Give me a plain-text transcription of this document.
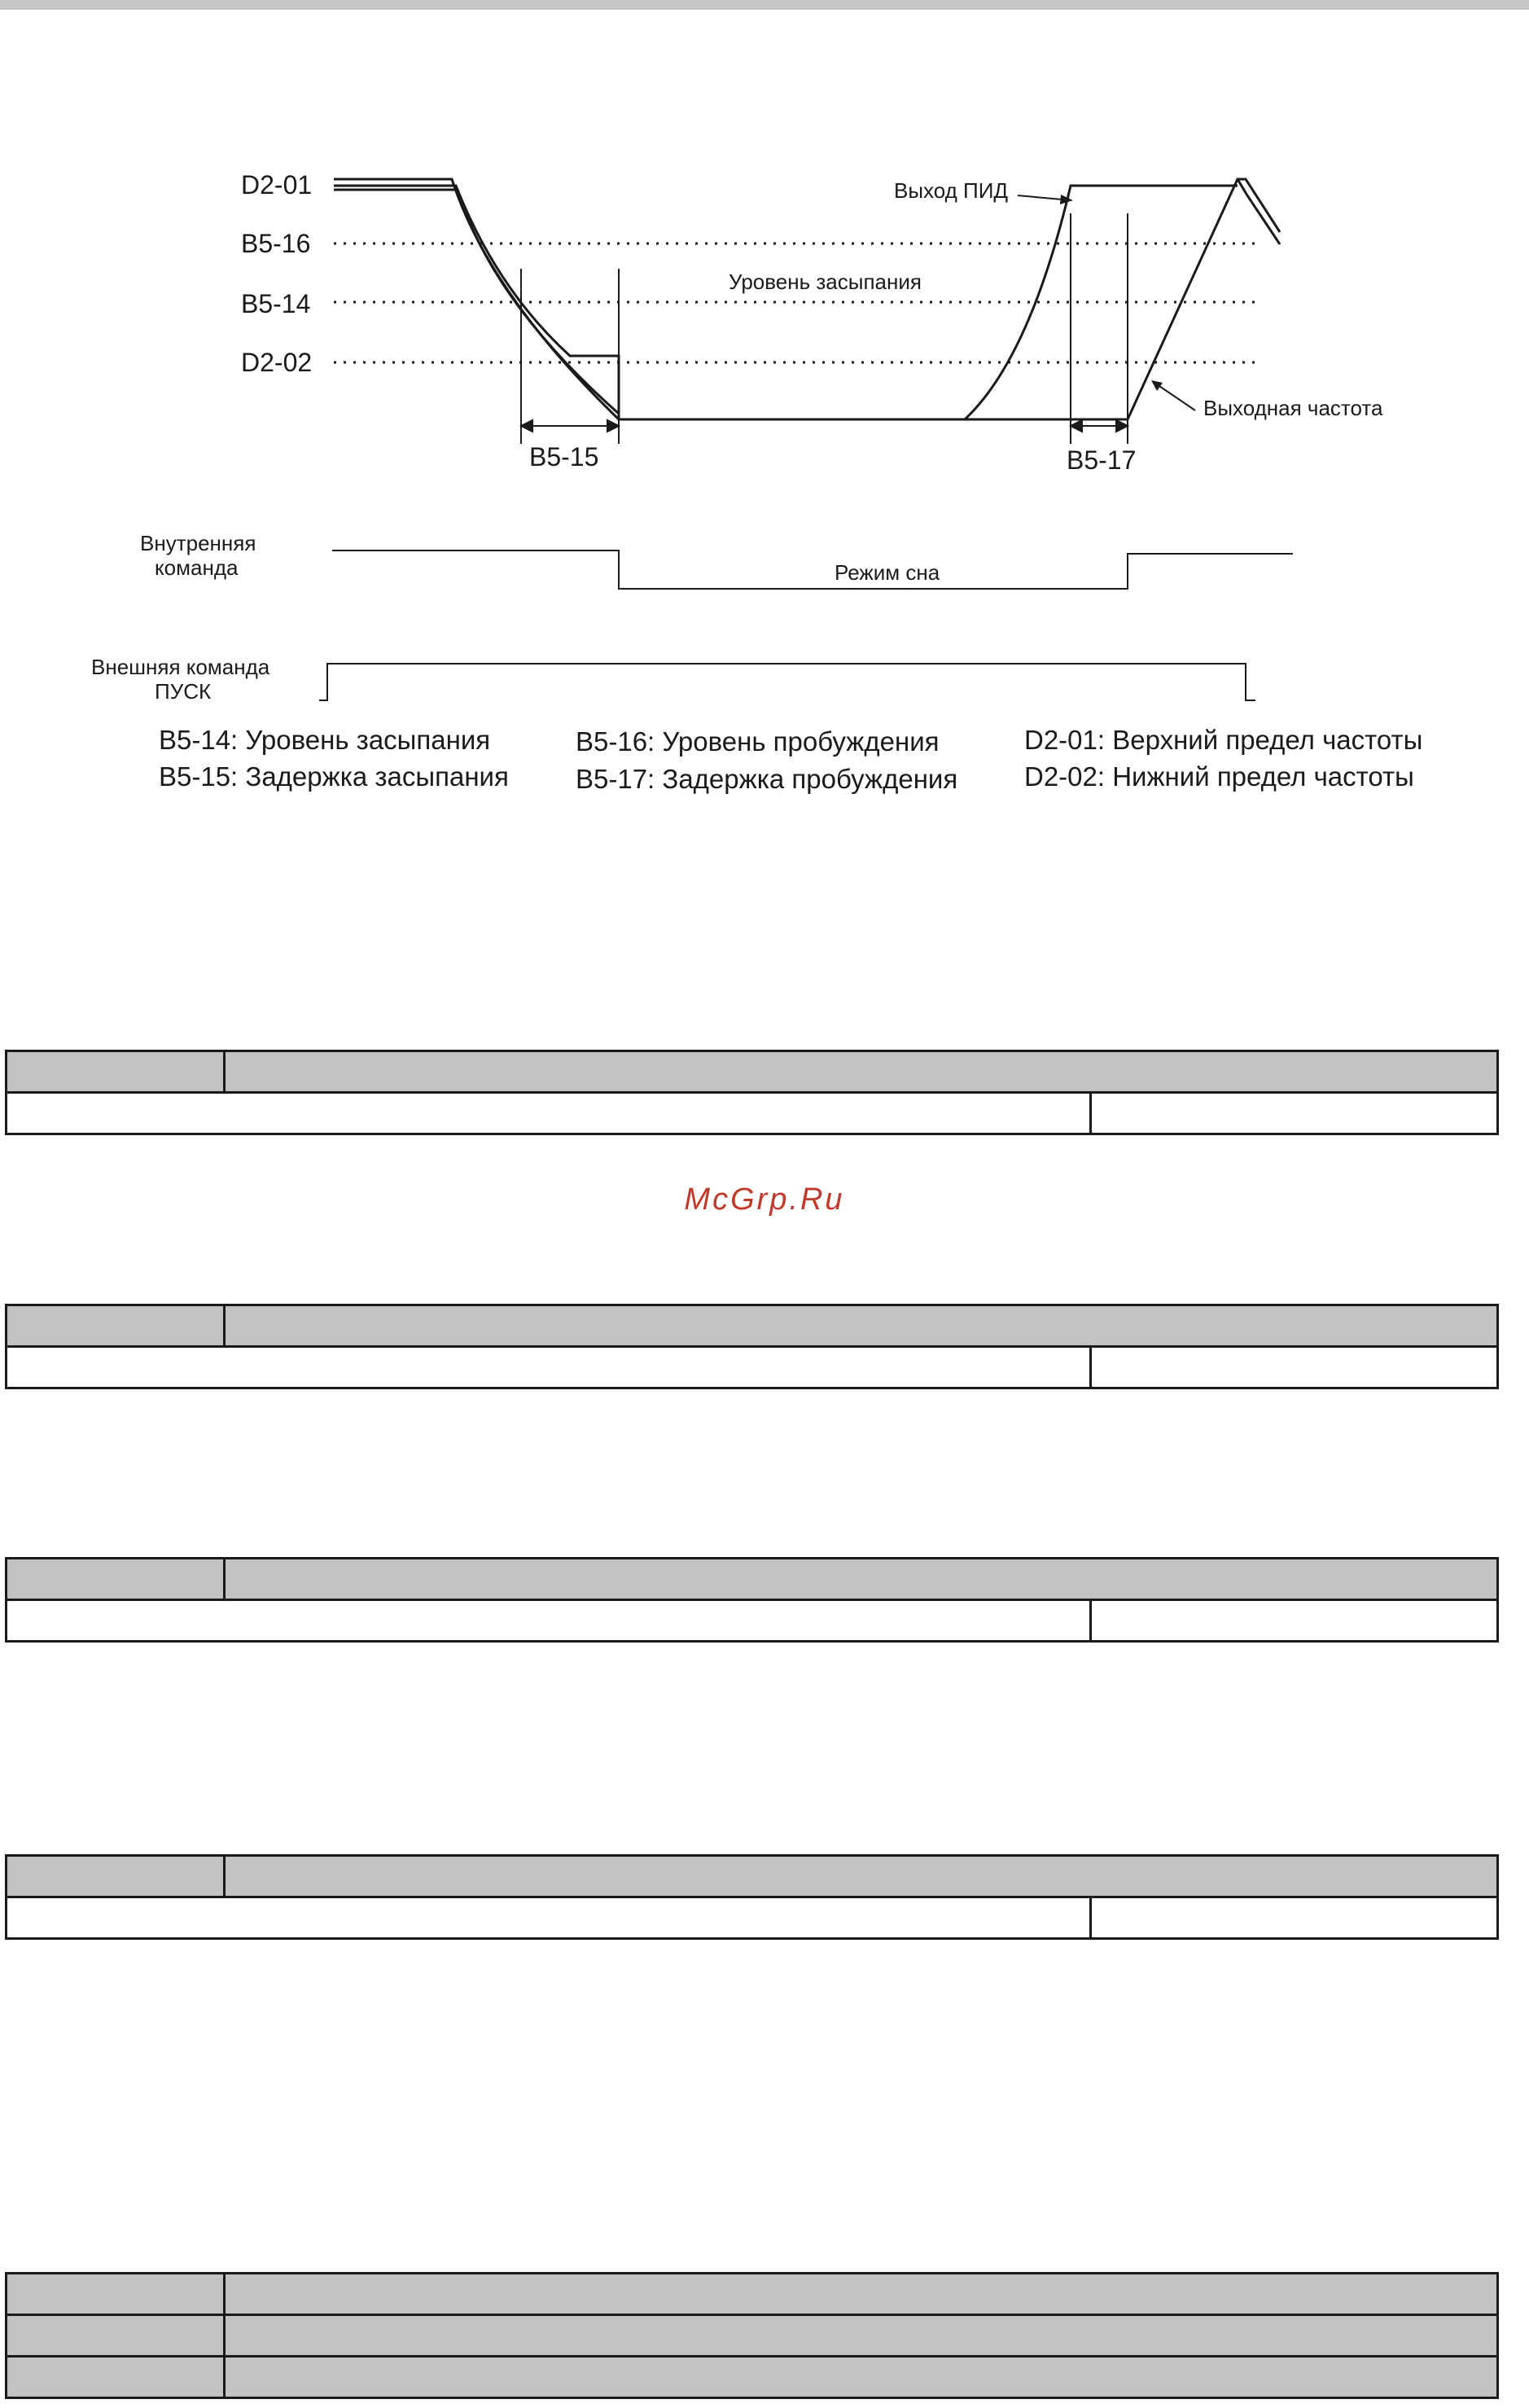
D2-01
B5-16
B5-14
D2-02
B5-15	B5-17
Уровень засыпания
Выход ПИД
Выходная частота
Внутренняя
команда	Режим сна
Внешняя команда
ПУСК
B5-14: Уровень засыпания
B5-15: Задержка засыпания
B5-16: Уровень пробуждения
B5-17: Задержка пробуждения
D2-01: Верхний предел частоты
D2-02: Нижний предел частоты

McGrp.Ru
